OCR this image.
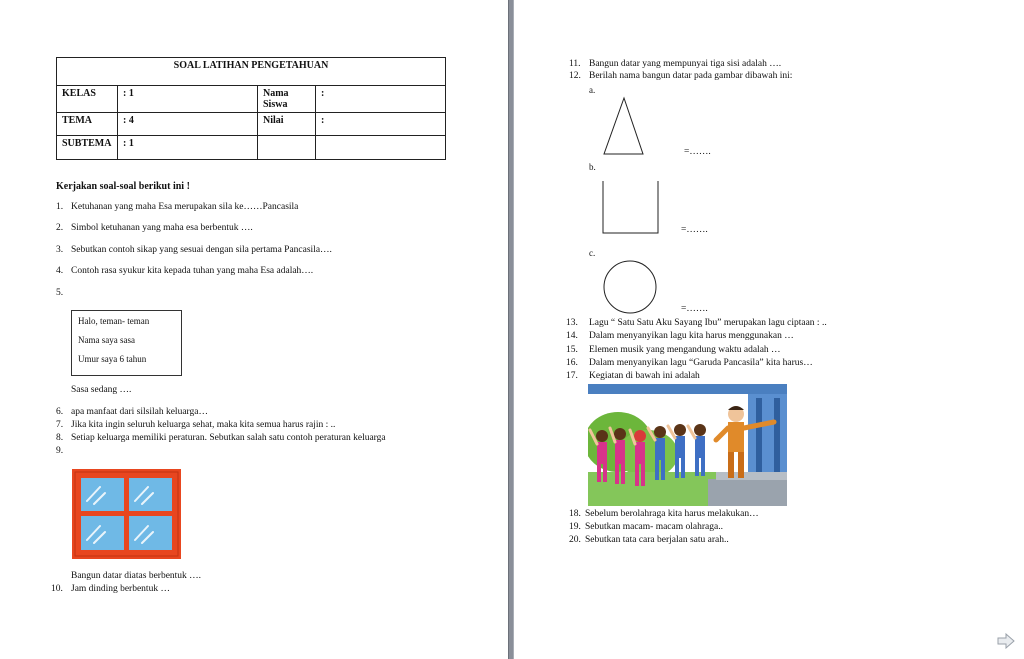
SOAL LATIHAN PENGETAHUAN			
KELAS	: 1	Nama Siswa	:
TEMA	: 4	Nilai	:
SUBTEMA	: 1		
Kerjakan soal-soal berikut ini !
1. Ketuhanan yang maha Esa merupakan sila ke……Pancasila
2. Simbol ketuhanan yang maha esa berbentuk ….
3. Sebutkan contoh sikap yang sesuai dengan sila pertama Pancasila….
4. Contoh rasa syukur kita kepada tuhan yang maha Esa adalah….
5.
Halo, teman- teman
Nama saya sasa
Umur saya 6 tahun
Sasa sedang ….
6. apa manfaat dari silsilah keluarga…
7. Jika kita ingin seluruh keluarga sehat, maka kita semua harus rajin : ..
8. Setiap keluarga memiliki peraturan. Sebutkan salah satu contoh peraturan keluarga
9.
Bangun datar diatas berbentuk ….
10. Jam dinding berbentuk …
11. Bangun datar yang mempunyai tiga sisi adalah ….
12. Berilah nama bangun datar pada gambar dibawah ini:
a.
=…….
b.
=…….
c.
=…….
13. Lagu “ Satu Satu Aku Sayang Ibu” merupakan lagu ciptaan : ..
14. Dalam menyanyikan lagu kita harus menggunakan …
15. Elemen musik yang mengandung waktu adalah …
16. Dalam menyanyikan lagu “Garuda Pancasila” kita harus…
17. Kegiatan di bawah ini adalah
18. Sebelum berolahraga kita harus melakukan…
19. Sebutkan macam- macam olahraga..
20. Sebutkan tata cara berjalan satu arah..
